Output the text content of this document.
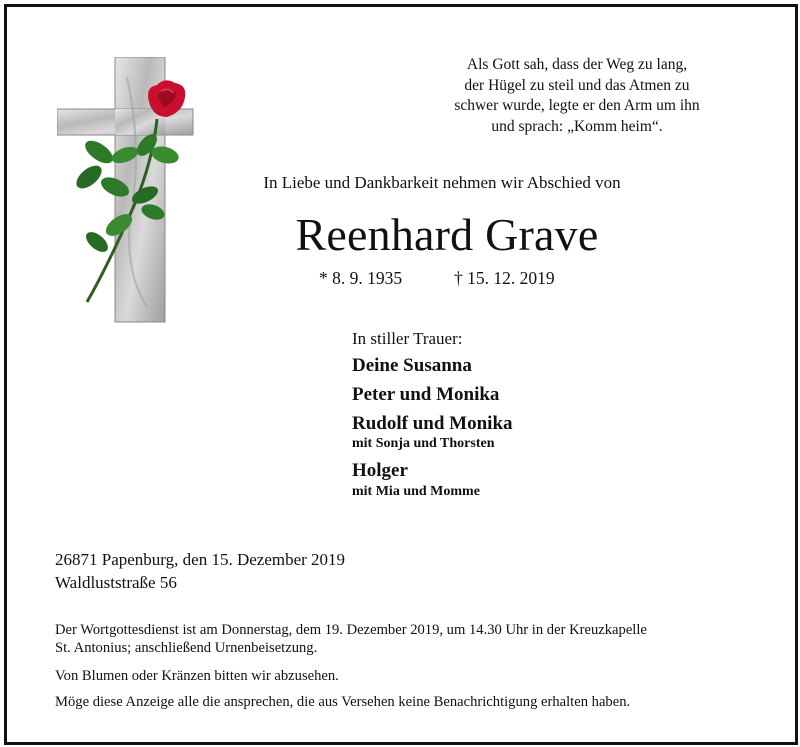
Als Gott sah, dass der Weg zu lang,
der Hügel zu steil und das Atmen zu
schwer wurde, legte er den Arm um ihn
und sprach: „Komm heim“.
In Liebe und Dankbarkeit nehmen wir Abschied von
Reenhard Grave
* 8. 9. 1935	† 15. 12. 2019
In stiller Trauer:
Deine Susanna
Peter und Monika
Rudolf und Monika
mit Sonja und Thorsten
Holger
mit Mia und Momme
26871 Papenburg, den 15. Dezember 2019
Waldluststraße 56
Der Wortgottesdienst ist am Donnerstag, dem 19. Dezember 2019, um 14.30 Uhr in der Kreuzkapelle
St. Antonius; anschließend Urnenbeisetzung.
Von Blumen oder Kränzen bitten wir abzusehen.
Möge diese Anzeige alle die ansprechen, die aus Versehen keine Benachrichtigung erhalten haben.
